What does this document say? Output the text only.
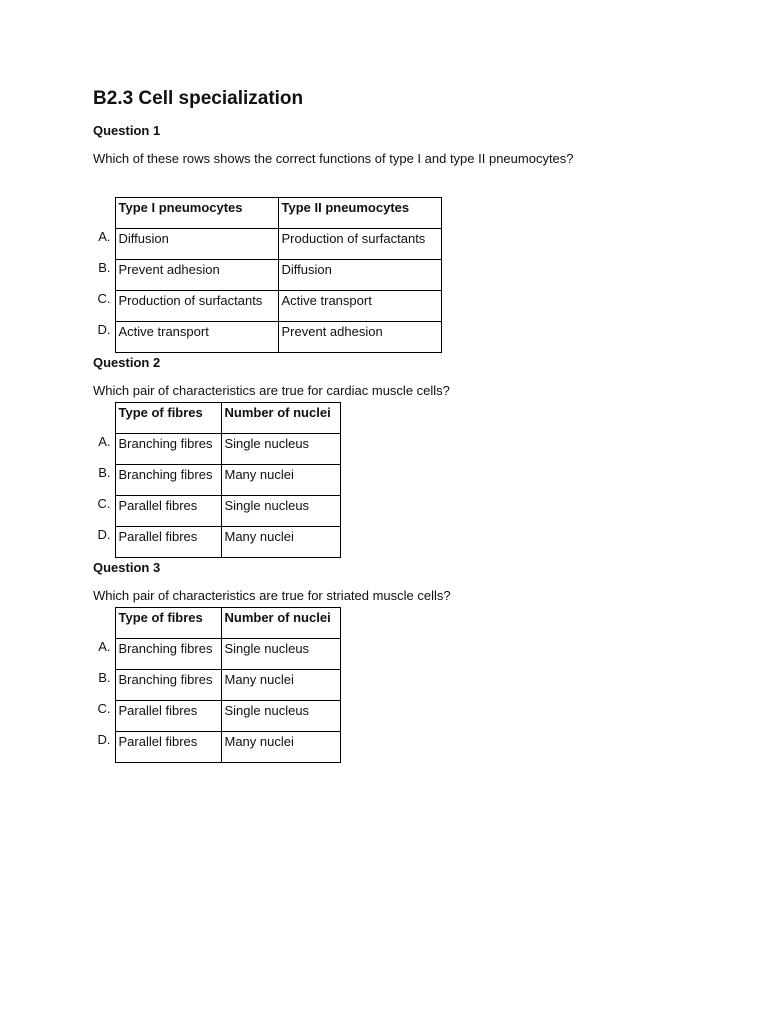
B2.3 Cell specialization

Question 1

Which of these rows shows the correct functions of type I and type II pneumocytes?

	Type I pneumocytes	Type II pneumocytes
A.	Diffusion	Production of surfactants
B.	Prevent adhesion	Diffusion
C.	Production of surfactants	Active transport
D.	Active transport	Prevent adhesion

Question 2

Which pair of characteristics are true for cardiac muscle cells?

	Type of fibres	Number of nuclei
A.	Branching fibres	Single nucleus
B.	Branching fibres	Many nuclei
C.	Parallel fibres	Single nucleus
D.	Parallel fibres	Many nuclei

Question 3

Which pair of characteristics are true for striated muscle cells?

	Type of fibres	Number of nuclei
A.	Branching fibres	Single nucleus
B.	Branching fibres	Many nuclei
C.	Parallel fibres	Single nucleus
D.	Parallel fibres	Many nuclei
